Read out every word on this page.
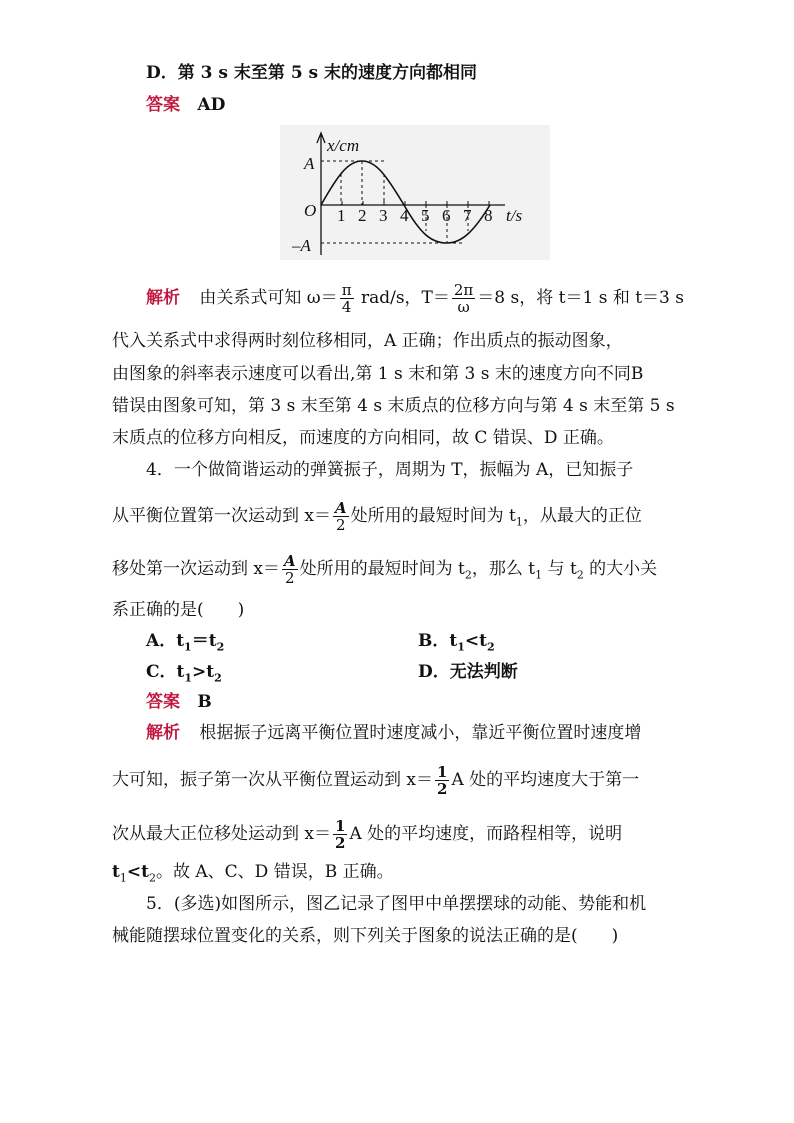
D．第 3 s 末至第 5 s 末的速度方向都相同
答案 AD
x/cm
A
O
–A
t/s
1 2 3 4 5 6 7 8
解析 由关系式可知 $\omega= \frac{\pi}{4} rad/s$，$T= \frac{2\pi}{\omega} =8$ s，将 t＝1 s 和 t＝3 s
代入关系式中求得两时刻位移相同，A 正确；作出质点的振动图象，
由图象的斜率表示速度可以看出,第 1 s 末和第 3 s 末的速度方向不同B
错误由图象可知，第 3 s 末至第 4 s 末质点的位移方向与第 4 s 末至第 5 s
末质点的位移方向相反，而速度的方向相同，故 C 错误、D 正确。
4．一个做简谐运动的弹簧振子，周期为 T，振幅为 A，已知振子
从平衡位置第一次运动到 $x= \frac{A}{2}$ 处所用的最短时间为 $t_1$，从最大的正位
移处第一次运动到 $x= \frac{A}{2}$ 处所用的最短时间为 $t_2$，那么 $t_1$ 与 $t_2$ 的大小关
系正确的是(　　)
A．$t_1=t_2$	B．$t_1<t_2$
C．$t_1>t_2$	D．无法判断
答案 B
解析 根据振子远离平衡位置时速度减小，靠近平衡位置时速度增
大可知，振子第一次从平衡位置运动到 $x= \frac{1}{2}$ A 处的平均速度大于第一
次从最大正位移处运动到 $x= \frac{1}{2}$ A 处的平均速度，而路程相等，说明
$t_1<t_2$。故 A、C、D 错误，B 正确。
5．(多选)如图所示，图乙记录了图甲中单摆摆球的动能、势能和机
械能随摆球位置变化的关系，则下列关于图象的说法正确的是(　　)
